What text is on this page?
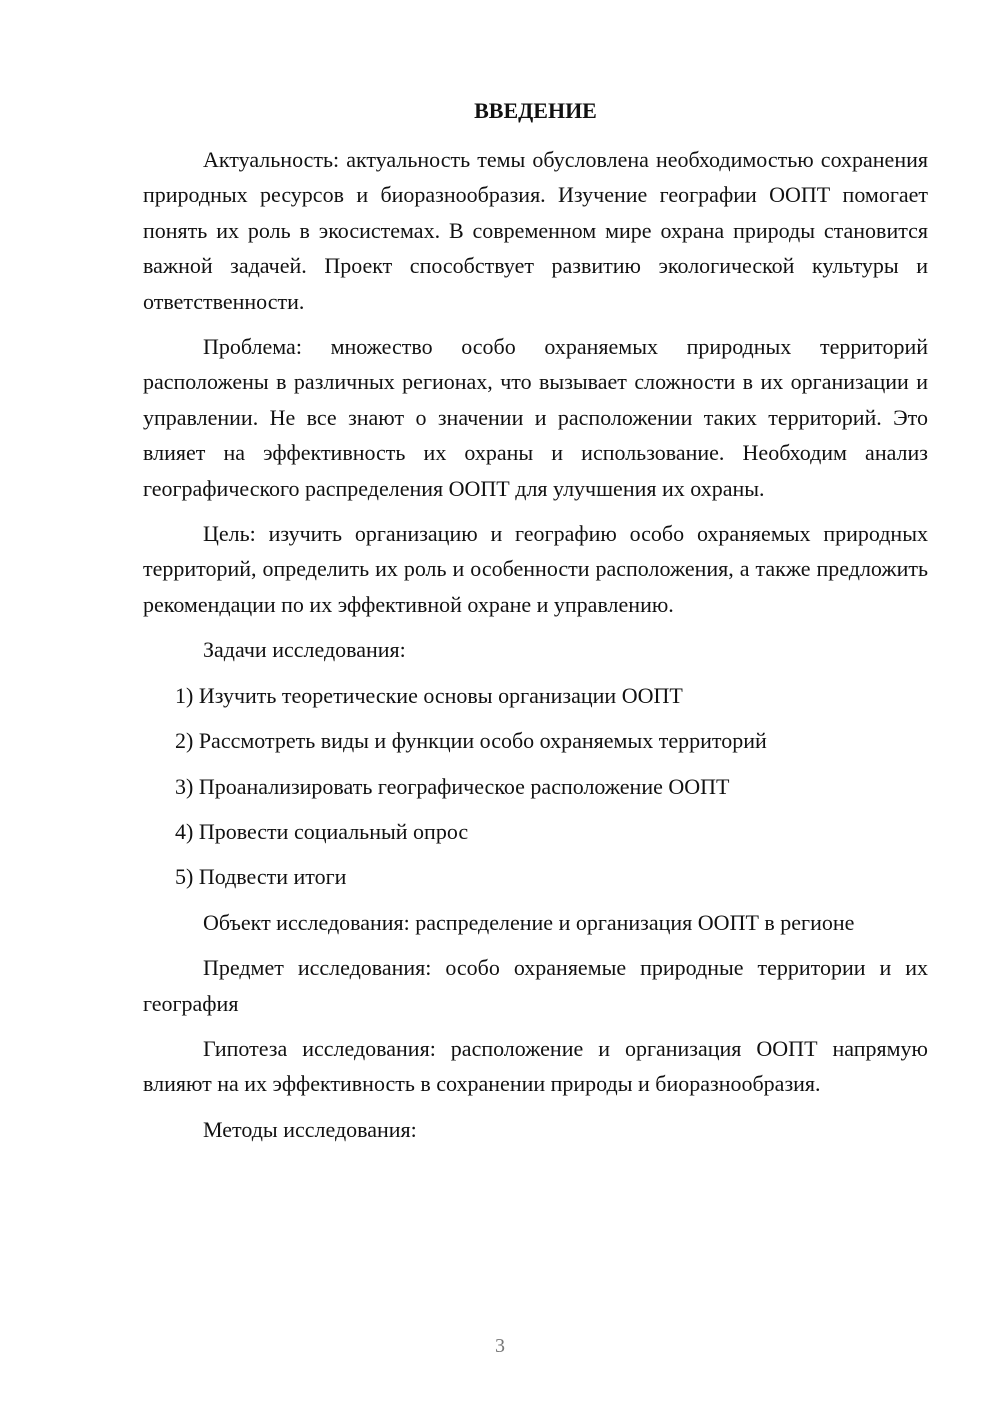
ВВЕДЕНИЕ

Актуальность: актуальность темы обусловлена необходимостью сохранения природных ресурсов и биоразнообразия. Изучение географии ООПТ помогает понять их роль в экосистемах. В современном мире охрана природы становится важной задачей. Проект способствует развитию экологической культуры и ответственности.

Проблема: множество особо охраняемых природных территорий расположены в различных регионах, что вызывает сложности в их организации и управлении. Не все знают о значении и расположении таких территорий. Это влияет на эффективность их охраны и использование. Необходим анализ географического распределения ООПТ для улучшения их охраны.

Цель: изучить организацию и географию особо охраняемых природных территорий, определить их роль и особенности расположения, а также предложить рекомендации по их эффективной охране и управлению.

Задачи исследования:

1) Изучить теоретические основы организации ООПТ

2) Рассмотреть виды и функции особо охраняемых территорий

3) Проанализировать географическое расположение ООПТ

4) Провести социальный опрос

5) Подвести итоги

Объект исследования: распределение и организация ООПТ в регионе

Предмет исследования: особо охраняемые природные территории и их география

Гипотеза исследования: расположение и организация ООПТ напрямую влияют на их эффективность в сохранении природы и биоразнообразия.

Методы исследования:

3
